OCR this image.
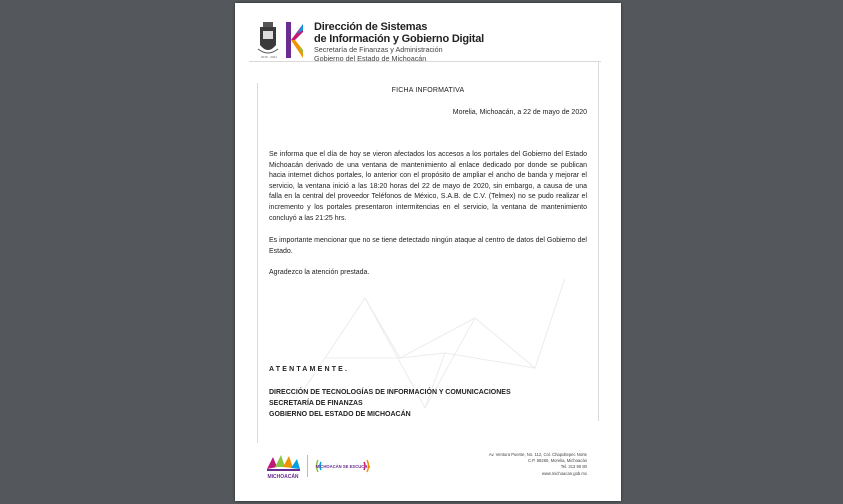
2015 - 2021
Dirección de Sistemas
de Información y Gobierno Digital
Secretaría de Finanzas y Administración
Gobierno del Estado de Michoacán
FICHA INFORMATIVA
Morelia, Michoacán, a 22 de mayo de 2020

Se informa que el día de hoy se vieron afectados los accesos a los portales del Gobierno del Estado Michoacán derivado de una ventana de mantenimiento al enlace dedicado por donde se publican hacia internet dichos portales, lo anterior con el propósito de ampliar el ancho de banda y mejorar el servicio, la ventana inició a las 18:20 horas del 22 de mayo de 2020, sin embargo, a causa de una falla en la central del proveedor Teléfonos de México, S.A.B. de C.V. (Telmex) no se pudo realizar el incremento y los portales presentaron intermitencias en el servicio, la ventana de mantenimiento concluyó a las 21:25 hrs.

Es importante mencionar que no se tiene detectado ningún ataque al centro de datos del Gobierno del Estado.

Agradezco la atención prestada.

ATENTAMENTE.
DIRECCIÓN DE TECNOLOGÍAS DE INFORMACIÓN Y COMUNICACIONES
SECRETARÍA DE FINANZAS
GOBIERNO DEL ESTADO DE MICHOACÁN
MICHOACÁN
MICHOACÁN SE ESCUCHA
Av. Ventura Puente, No. 112, Col. Chapultepec Norte
C.P. 58260, Morelia, Michoacán
Tel. 313 90 80
www.michoacan.gob.mx
